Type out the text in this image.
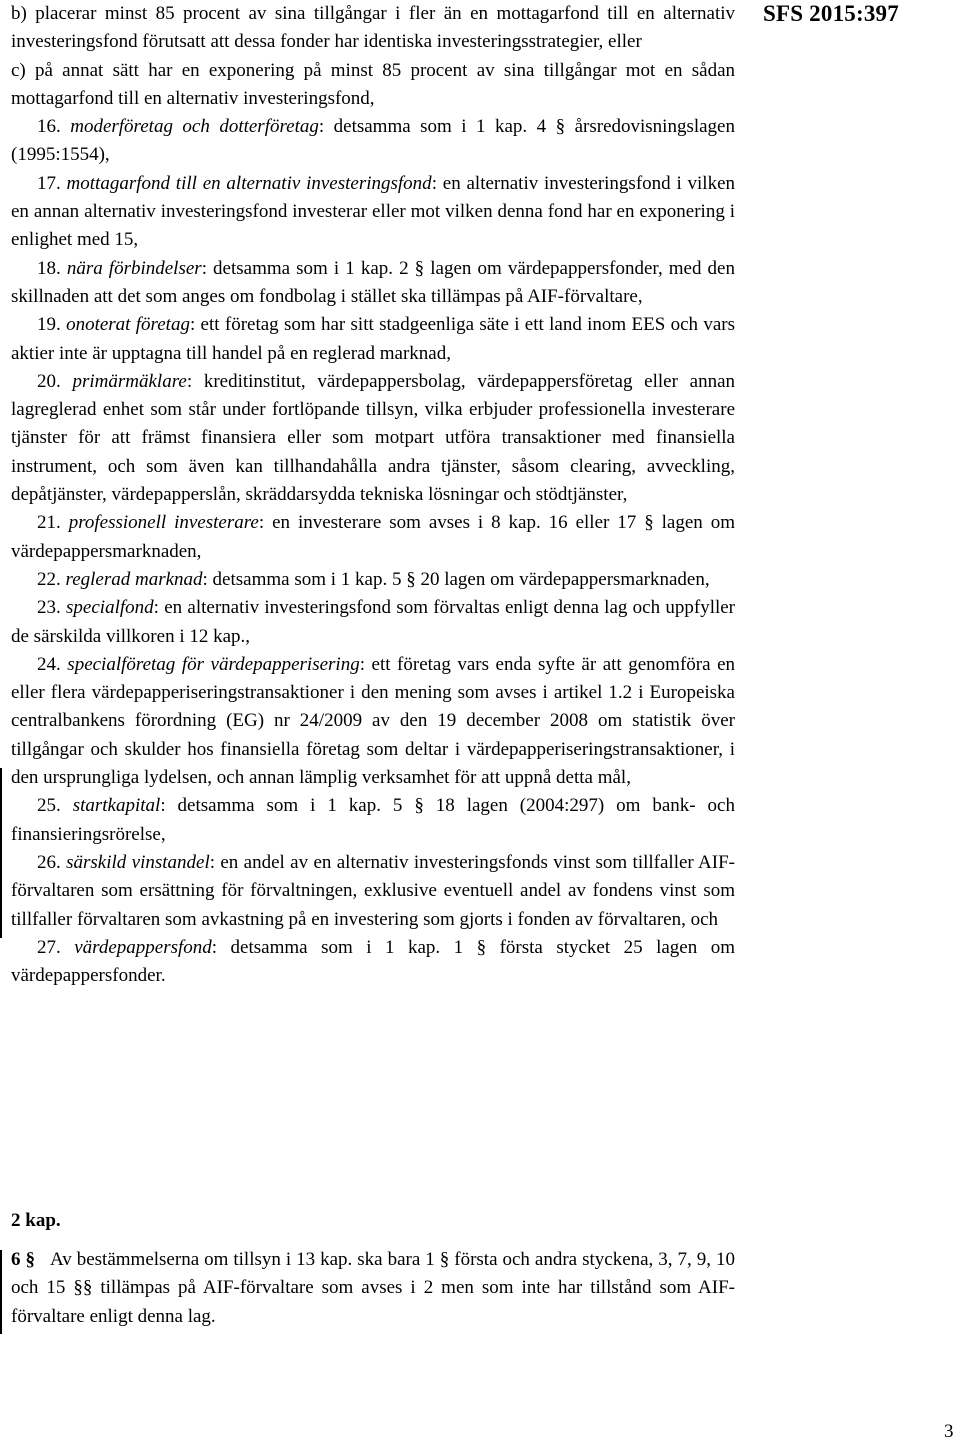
SFS 2015:397

b) placerar minst 85 procent av sina tillgångar i fler än en mottagarfond till en alternativ investeringsfond förutsatt att dessa fonder har identiska investeringsstrategier, eller

c) på annat sätt har en exponering på minst 85 procent av sina tillgångar mot en sådan mottagarfond till en alternativ investeringsfond,

16. moderföretag och dotterföretag: detsamma som i 1 kap. 4 § årsredovisningslagen (1995:1554),

17. mottagarfond till en alternativ investeringsfond: en alternativ investeringsfond i vilken en annan alternativ investeringsfond investerar eller mot vilken denna fond har en exponering i enlighet med 15,

18. nära förbindelser: detsamma som i 1 kap. 2 § lagen om värdepappersfonder, med den skillnaden att det som anges om fondbolag i stället ska tillämpas på AIF-förvaltare,

19. onoterat företag: ett företag som har sitt stadgeenliga säte i ett land inom EES och vars aktier inte är upptagna till handel på en reglerad marknad,

20. primärmäklare: kreditinstitut, värdepappersbolag, värdepappersföretag eller annan lagreglerad enhet som står under fortlöpande tillsyn, vilka erbjuder professionella investerare tjänster för att främst finansiera eller som motpart utföra transaktioner med finansiella instrument, och som även kan tillhandahålla andra tjänster, såsom clearing, avveckling, depåtjänster, värdepapperslån, skräddarsydda tekniska lösningar och stödtjänster,

21. professionell investerare: en investerare som avses i 8 kap. 16 eller 17 § lagen om värdepappersmarknaden,

22. reglerad marknad: detsamma som i 1 kap. 5 § 20 lagen om värdepappersmarknaden,

23. specialfond: en alternativ investeringsfond som förvaltas enligt denna lag och uppfyller de särskilda villkoren i 12 kap.,

24. specialföretag för värdepapperisering: ett företag vars enda syfte är att genomföra en eller flera värdepapperiseringstransaktioner i den mening som avses i artikel 1.2 i Europeiska centralbankens förordning (EG) nr 24/2009 av den 19 december 2008 om statistik över tillgångar och skulder hos finansiella företag som deltar i värdepapperiseringstransaktioner, i den ursprungliga lydelsen, och annan lämplig verksamhet för att uppnå detta mål,

25. startkapital: detsamma som i 1 kap. 5 § 18 lagen (2004:297) om bank- och finansieringsrörelse,

26. särskild vinstandel: en andel av en alternativ investeringsfonds vinst som tillfaller AIF-förvaltaren som ersättning för förvaltningen, exklusive eventuell andel av fondens vinst som tillfaller förvaltaren som avkastning på en investering som gjorts i fonden av förvaltaren, och

27. värdepappersfond: detsamma som i 1 kap. 1 § första stycket 25 lagen om värdepappersfonder.

2 kap.
6 § Av bestämmelserna om tillsyn i 13 kap. ska bara 1 § första och andra styckena, 3, 7, 9, 10 och 15 §§ tillämpas på AIF-förvaltare som avses i 2 men som inte har tillstånd som AIF-förvaltare enligt denna lag.
3
